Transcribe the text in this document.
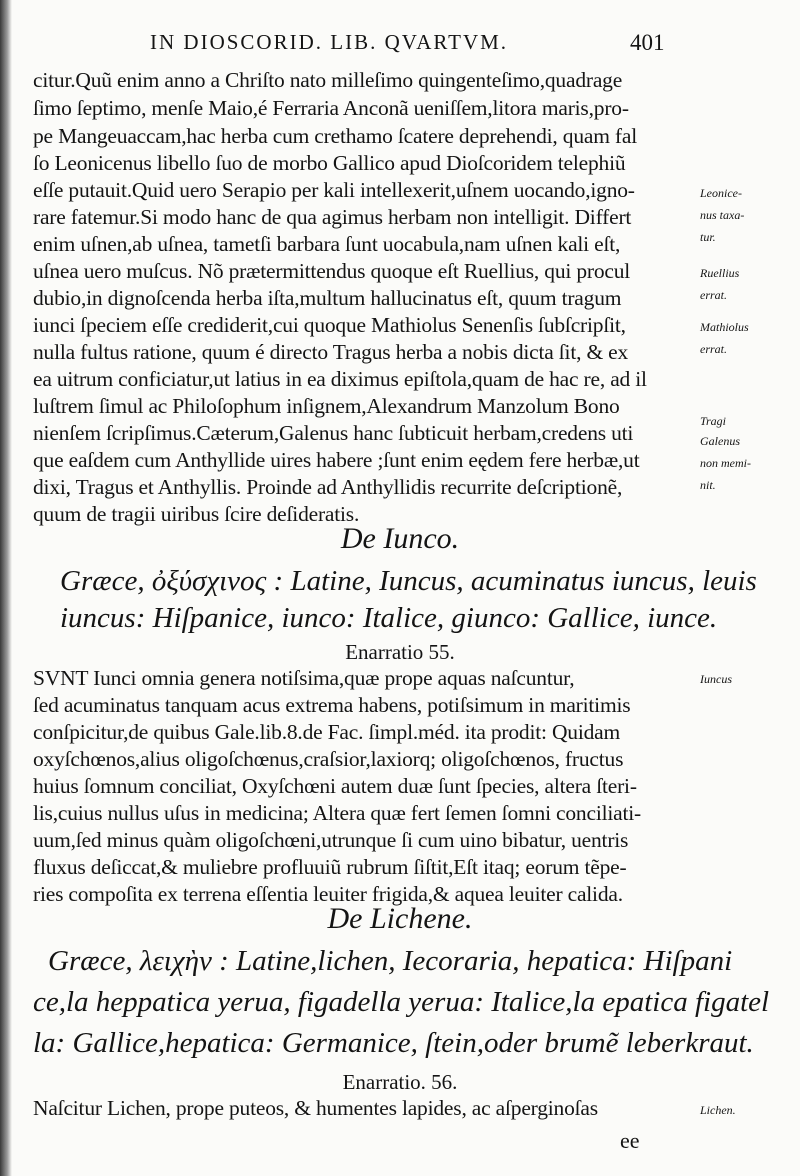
IN DIOSCORID. LIB. QVARTVM.	401
citur.Quũ enim anno a Chriſto nato milleſimo quingenteſimo,quadrage
ſimo ſeptimo, menſe Maio,é Ferraria Anconã ueniſſem,litora maris,pro-
pe Mangeuaccam,hac herba cum crethamo ſcatere deprehendi, quam fal
ſo Leonicenus libello ſuo de morbo Gallico apud Dioſcoridem telephiũ
eſſe putauit.Quid uero Serapio per kali intellexerit,uſnem uocando,igno-
rare fatemur.Si modo hanc de qua agimus herbam non intelligit. Differt
enim uſnen,ab uſnea, tametſi barbara ſunt uocabula,nam uſnen kali eſt,
uſnea uero muſcus. Nõ prætermittendus quoque eſt Ruellius, qui procul
dubio,in dignoſcenda herba iſta,multum hallucinatus eſt, quum tragum
iunci ſpeciem eſſe crediderit,cui quoque Mathiolus Senenſis ſubſcripſit,
nulla fultus ratione, quum é directo Tragus herba a nobis dicta ſit, & ex
ea uitrum conficiatur,ut latius in ea diximus epiſtola,quam de hac re, ad il
luſtrem ſimul ac Philoſophum inſignem,Alexandrum Manzolum Bono
nienſem ſcripſimus.Cæterum,Galenus hanc ſubticuit herbam,credens uti
que eaſdem cum Anthyllide uires habere ;ſunt enim eędem fere herbæ,ut
dixi, Tragus et Anthyllis. Proinde ad Anthyllidis recurrite deſcriptionẽ,
quum de tragii uiribus ſcire deſideratis.
Leonice-
nus taxa-
tur.
Ruellius
errat.
Mathiolus
errat.
Tragi
Galenus
non memi-
nit.
De Iunco.
Græce, ὀξύσχινος : Latine, Iuncus, acuminatus iuncus, leuis
iuncus: Hiſpanice, iunco: Italice, giunco: Gallice, iunce.
Enarratio 55.
Iuncus
SVNT Iunci omnia genera notiſsima,quæ prope aquas naſcuntur,
ſed acuminatus tanquam acus extrema habens, potiſsimum in maritimis
conſpicitur,de quibus Gale.lib.8.de Fac. ſimpl.méd. ita prodit: Quidam
oxyſchœnos,alius oligoſchœnus,craſsior,laxiorq; oligoſchœnos, fructus
huius ſomnum conciliat, Oxyſchœni autem duæ ſunt ſpecies, altera ſteri-
lis,cuius nullus uſus in medicina; Altera quæ fert ſemen ſomni conciliati-
uum,ſed minus quàm oligoſchœni,utrunque ſi cum uino bibatur, uentris
fluxus deſiccat,& muliebre profluuiũ rubrum ſiſtit,Eſt itaq; eorum tẽpe-
ries compoſita ex terrena eſſentia leuiter frigida,& aquea leuiter calida.
De Lichene.
Græce, λειχὴν : Latine,lichen, Iecoraria, hepatica: Hiſpani
ce,la heppatica yerua, figadella yerua: Italice,la epatica figatel
la: Gallice,hepatica: Germanice, ſtein,oder brumẽ leberkraut.
Enarratio. 56.
Naſcitur Lichen, prope puteos, & humentes lapides, ac aſperginoſas	Lichen.
ee
